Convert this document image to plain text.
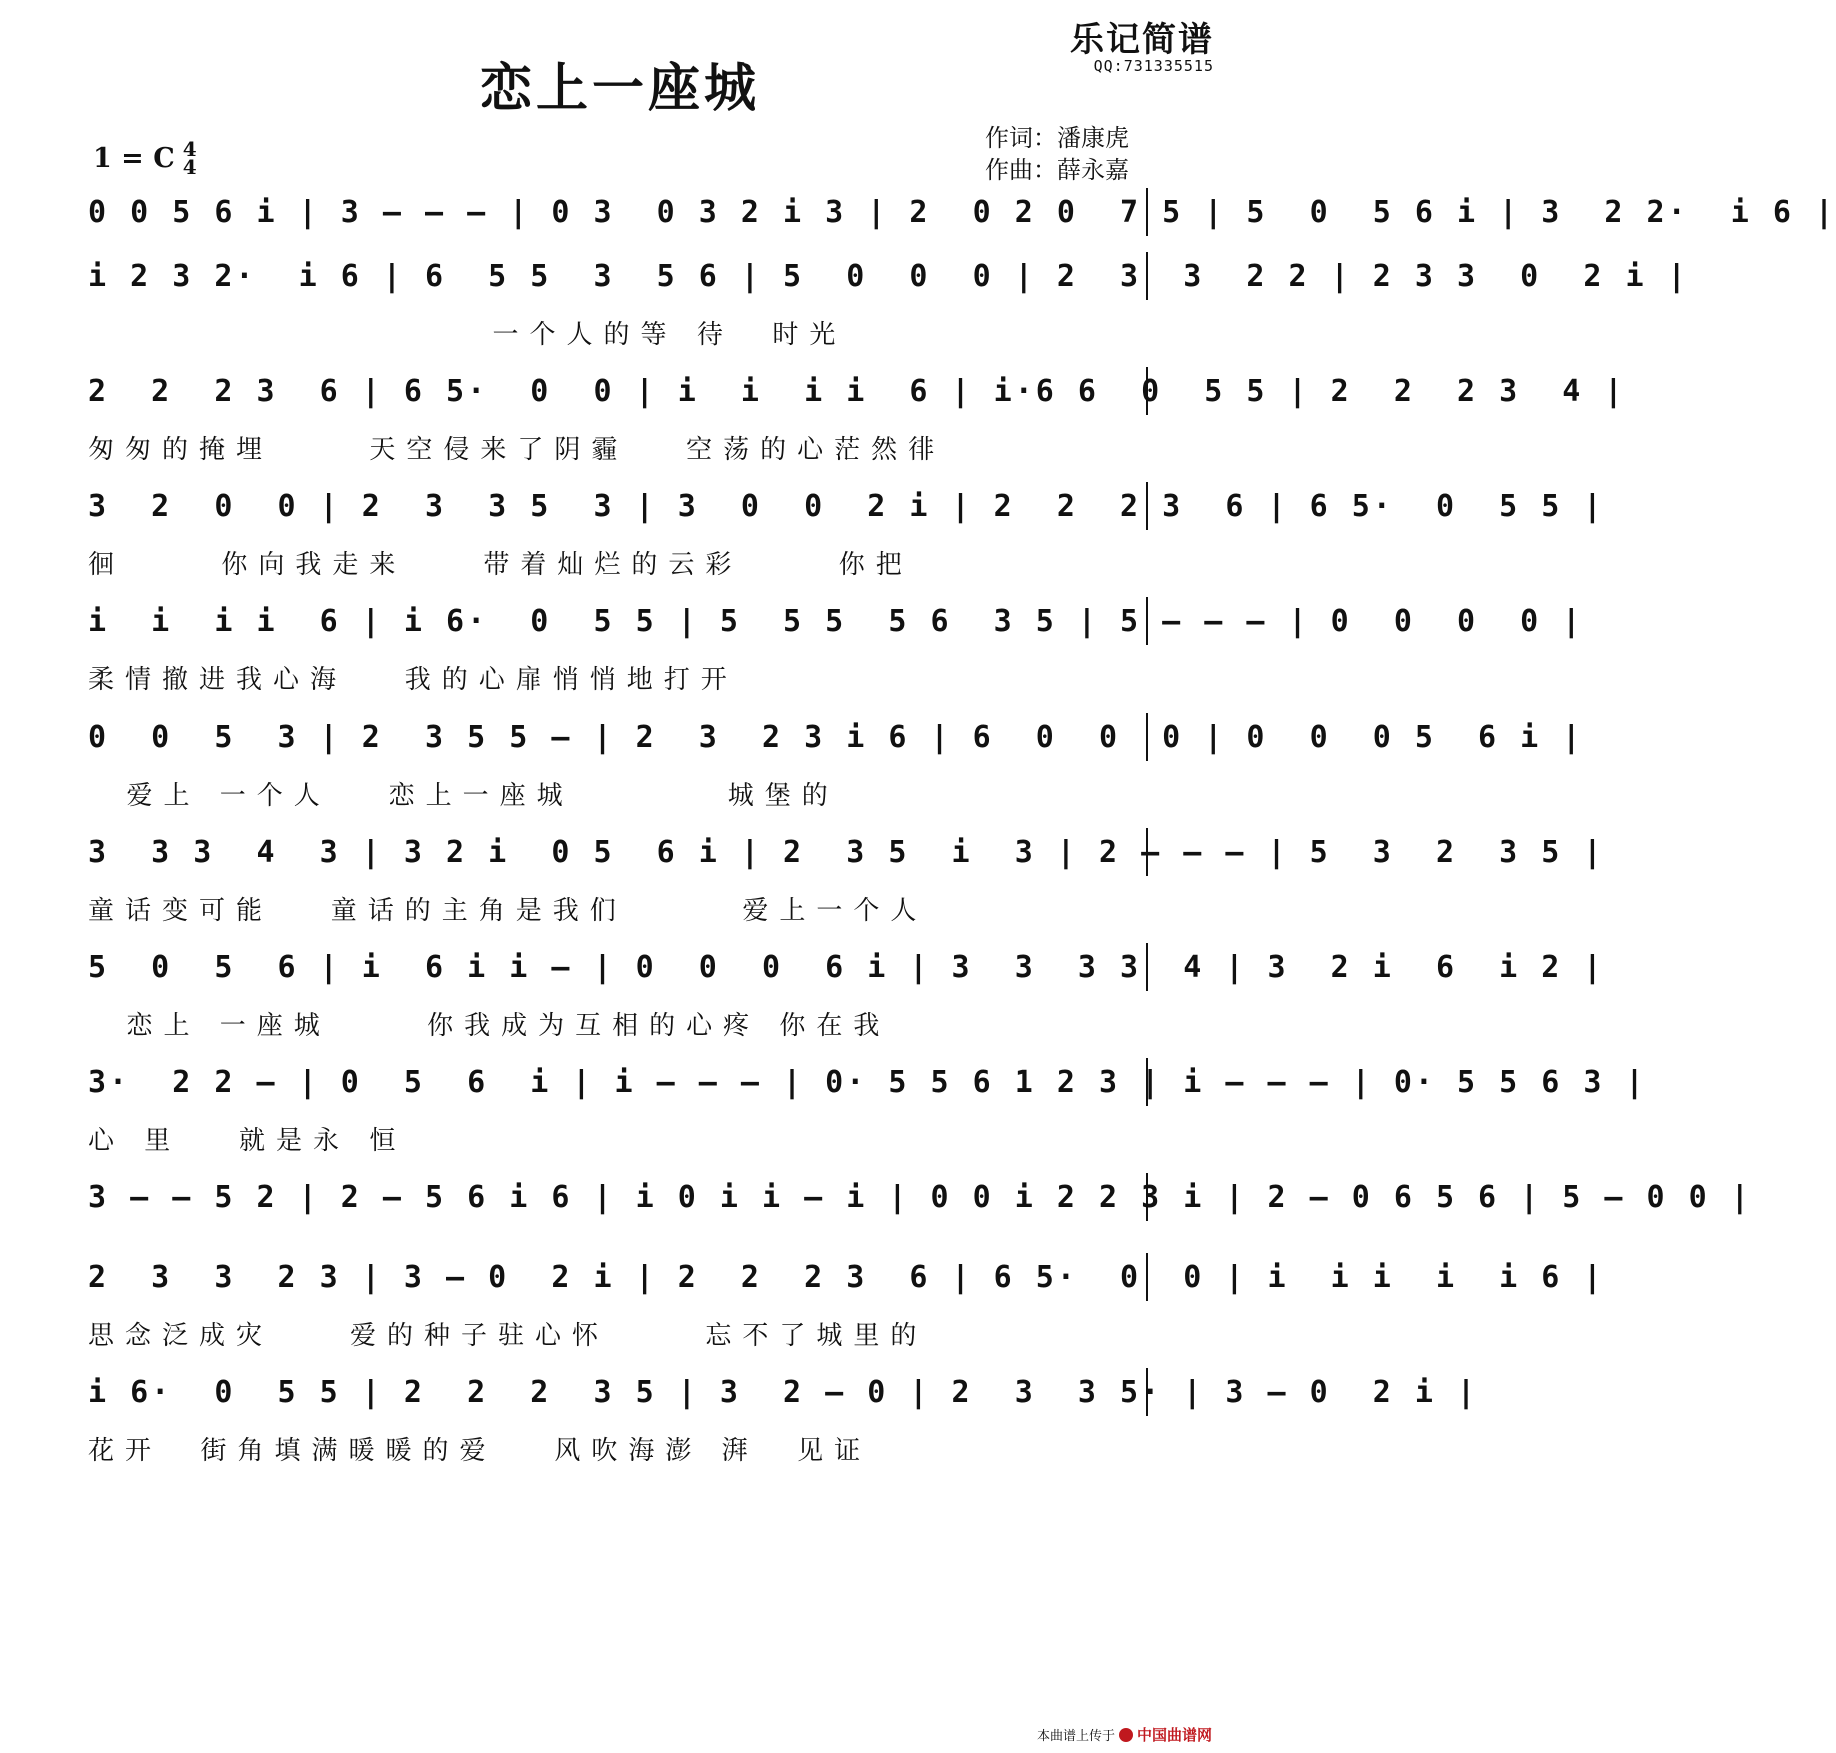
乐记简谱
QQ:731335515
恋上一座城
1 = C 4
4
作词：潘康虎
作曲：薛永嘉
0 0 5 6 i | 3 — — — | 0 3  0 3 2 i 3 | 2  0 2 0  7 5 | 5  0  5 6 i | 3  2 2·  i 6 |
i 2 3 2·  i 6 | 6  5 5  3  5 6 | 5  0  0  0 | 2  3  3  2 2 | 2 3 3  0  2 i |
一个人的等 待  时光
2  2  2 3  6 | 6 5·  0  0 | i  i  i i  6 | i·6 6  0  5 5 | 2  2  2 3  4 |
匆匆的掩埋     天空侵来了阴霾   空荡的心茫然徘
3  2  0  0 | 2  3  3 5  3 | 3  0  0  2 i | 2  2  2 3  6 | 6 5·  0  5 5 |
徊     你向我走来    带着灿烂的云彩     你把
i  i  i i  6 | i 6·  0  5 5 | 5  5 5  5 6  3 5 | 5 — — — | 0  0  0  0 |
柔情撤进我心海   我的心扉悄悄地打开
0  0  5  3 | 2  3 5 5 — | 2  3  2 3 i 6 | 6  0  0  0 | 0  0  0 5  6 i |
爱上 一个人   恋上一座城        城堡的
3  3 3  4  3 | 3 2 i  0 5  6 i | 2  3 5  i  3 | 2 — — — | 5  3  2  3 5 |
童话变可能   童话的主角是我们      爱上一个人
5  0  5  6 | i  6 i i — | 0  0  0  6 i | 3  3  3 3  4 | 3  2 i  6  i 2 |
恋上 一座城     你我成为互相的心疼 你在我
3·  2 2 — | 0  5  6  i | i — — — | 0· 5 5 6 1 2 3 | i — — — | 0· 5 5 6 3 |
心 里   就是永 恒
3 — — 5 2 | 2 — 5 6 i 6 | i 0 i i — i | 0 0 i 2 2 3 i | 2 — 0 6 5 6 | 5 — 0 0 |
2  3  3  2 3 | 3 — 0  2 i | 2  2  2 3  6 | 6 5·  0  0 | i  i i  i  i 6 |
思念泛成灾    爱的种子驻心怀     忘不了城里的
i 6·  0  5 5 | 2  2  2  3 5 | 3  2 — 0 | 2  3  3 5· | 3 — 0  2 i |
花开  街角填满暖暖的爱   风吹海澎 湃  见证
本曲谱上传于 中国曲谱网
